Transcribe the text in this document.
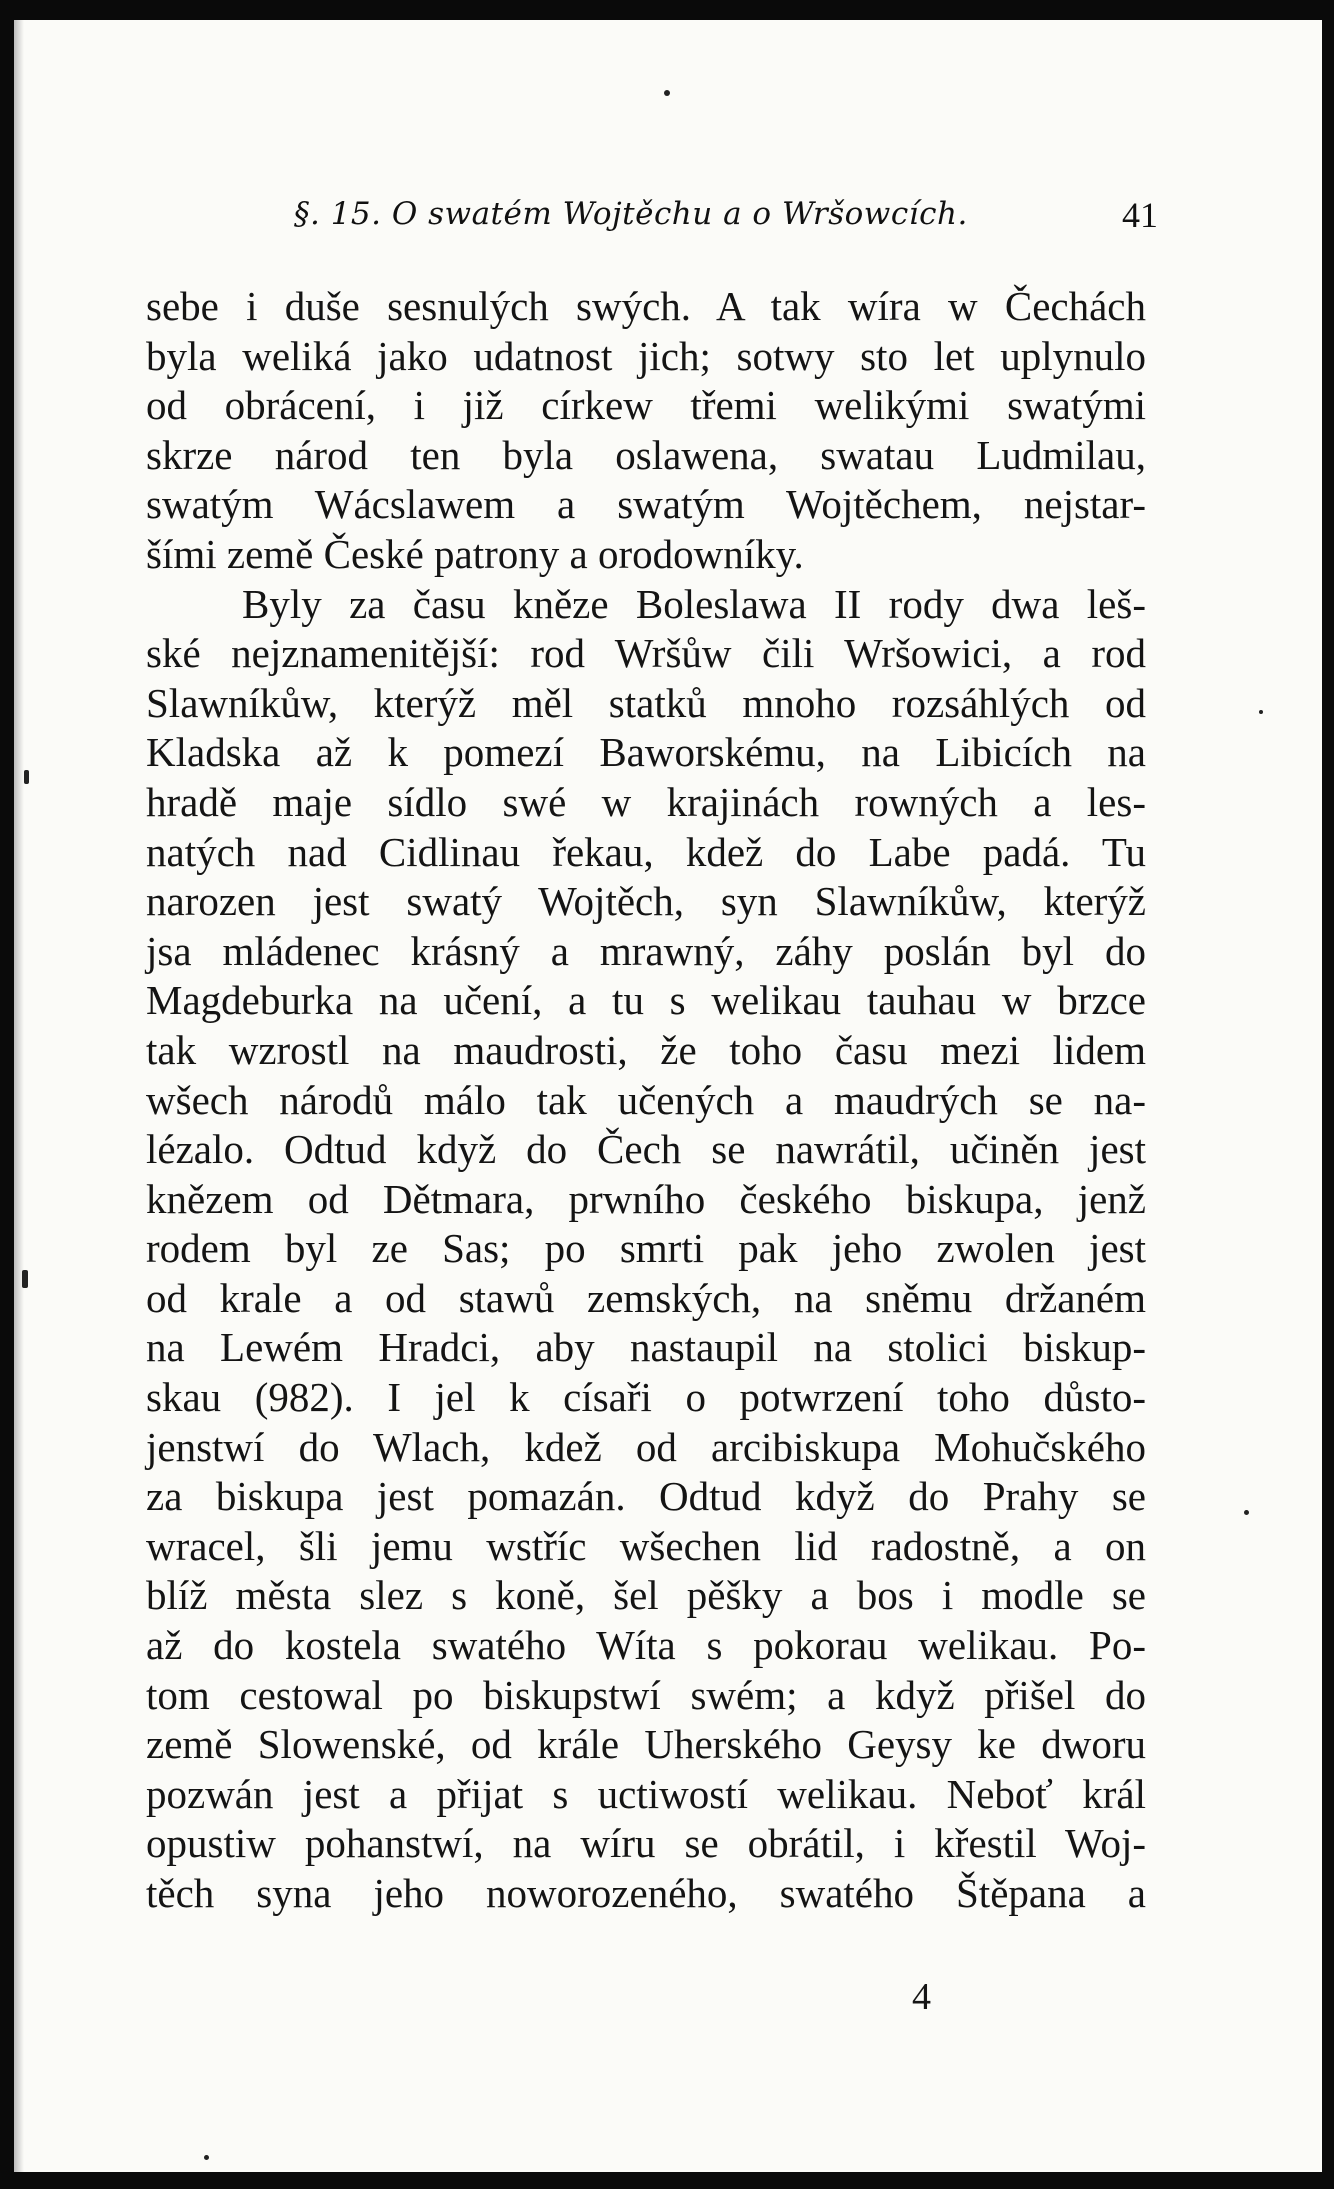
§. 15. O swatém Wojtěchu a o Wršowcích.	41
sebe i duše sesnulých swých. A tak wíra w Čechách
byla weliká jako udatnost jich; sotwy sto let uplynulo
od obrácení, i již církew třemi welikými swatými
skrze národ ten byla oslawena, swatau Ludmilau,
swatým Wácslawem a swatým Wojtěchem, nejstar-
šími země České patrony a orodowníky.
Byly za času kněze Boleslawa II rody dwa leš-
ské nejznamenitější: rod Wršůw čili Wršowici, a rod
Slawníkůw, kterýž měl statků mnoho rozsáhlých od
Kladska až k pomezí Baworskému, na Libicích na
hradě maje sídlo swé w krajinách rowných a les-
natých nad Cidlinau řekau, kdež do Labe padá. Tu
narozen jest swatý Wojtěch, syn Slawníkůw, kterýž
jsa mládenec krásný a mrawný, záhy poslán byl do
Magdeburka na učení, a tu s welikau tauhau w brzce
tak wzrostl na maudrosti, že toho času mezi lidem
wšech národů málo tak učených a maudrých se na-
lézalo. Odtud když do Čech se nawrátil, učiněn jest
knězem od Dětmara, prwního českého biskupa, jenž
rodem byl ze Sas; po smrti pak jeho zwolen jest
od krale a od stawů zemských, na sněmu držaném
na Lewém Hradci, aby nastaupil na stolici biskup-
skau (982). I jel k císaři o potwrzení toho důsto-
jenstwí do Wlach, kdež od arcibiskupa Mohučského
za biskupa jest pomazán. Odtud když do Prahy se
wracel, šli jemu wstříc wšechen lid radostně, a on
blíž města slez s koně, šel pěšky a bos i modle se
až do kostela swatého Wíta s pokorau welikau. Po-
tom cestowal po biskupstwí swém; a když přišel do
země Slowenské, od krále Uherského Geysy ke dworu
pozwán jest a přijat s uctiwostí welikau. Neboť král
opustiw pohanstwí, na wíru se obrátil, i křestil Woj-
těch syna jeho noworozeného, swatého Štěpana a
4
